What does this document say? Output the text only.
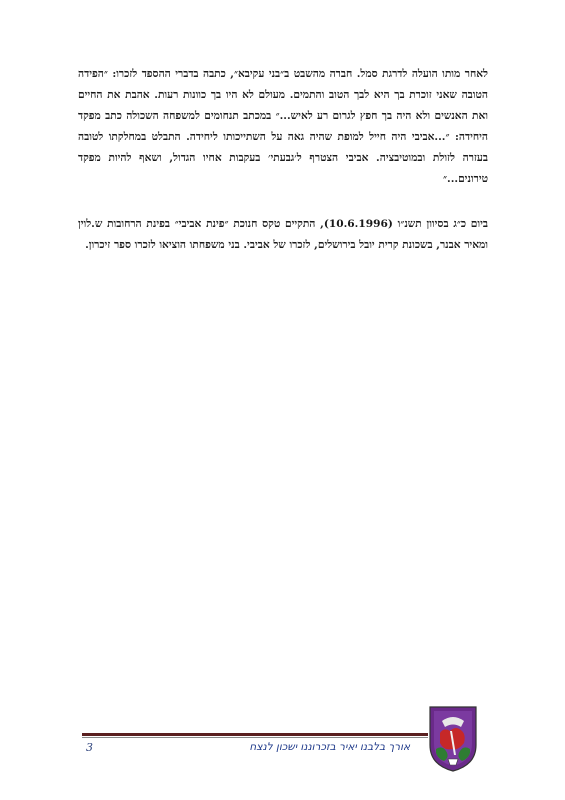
לאחר מותו הועלה לדרגת סמל. חברה מהשבט ב״בני עקיבא״, כתבה בדברי ההספד לזכרו: ״הפידה הטובה שאני זוכרת בך היא לבך הטוב והתמים. מעולם לא היו בך כוונות רעות. אהבת את החיים ואת האנשים ולא היה בך חפץ לגרום רע לאיש...״ במכתב תנחומים למשפחה השכולה כתב מפקד היחידה: ״...אביבי היה חייל למופת שהיה גאה על השתייכותו ליחידה. התבלט במחלקתו לטובה בעזרה לזולת ובמוטיבציה. אביבי הצטרף ל׳גבעתי׳ בעקבות אחיו הגדול, ושאף להיות מפקד טירונים...״

ביום כ״ג בסיוון תשנ״ו (10.6.1996), התקיים טקס חנוכת ״פינת אביבי״ בפינת הרחובות ש.לוין ומאיר אבנר, בשכונת קרית יובל בירושלים, לזכרו של אביבי. בני משפחתו הוציאו לזכרו ספר זיכרון.

3	אורך בלבנו יאיר בזכרוננו ישכון לנצח
